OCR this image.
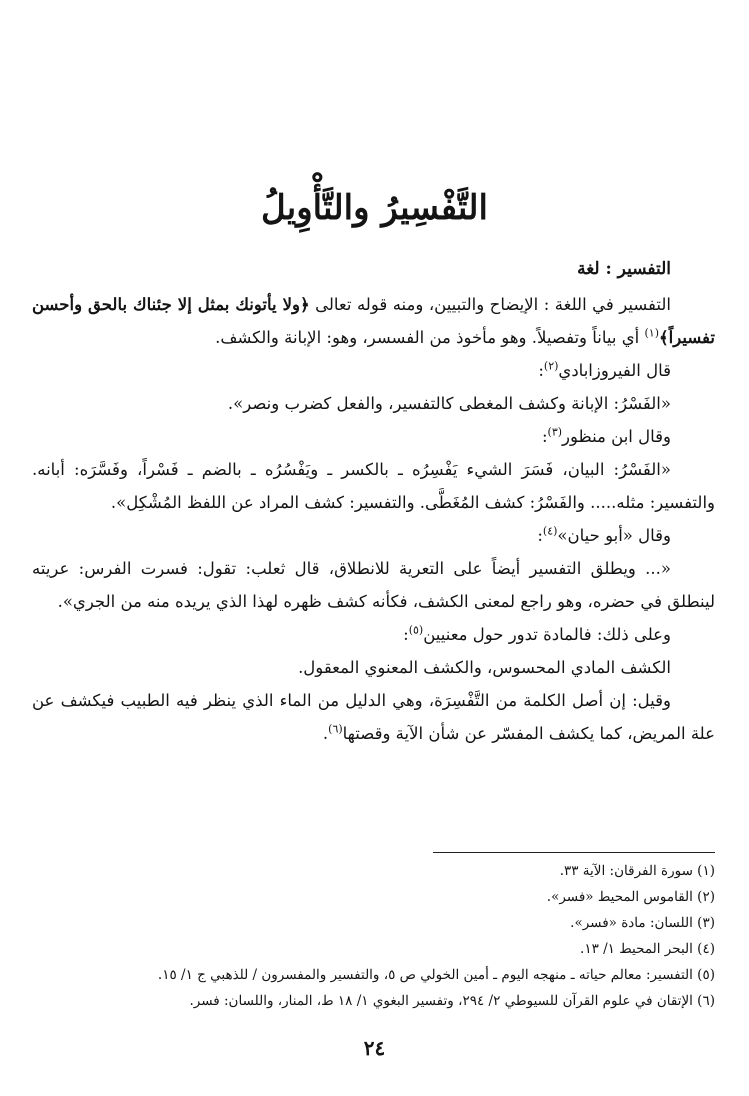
التَّفْسِيرُ والتَّأْوِيلُ
التفسير : لغة

التفسير في اللغة : الإيضاح والتبيين، ومنه قوله تعالى ﴿ولا يأتونك بمثل إلا جئناك بالحق وأحسن تفسيراً﴾$^{(١)}$ أي بياناً وتفصيلاً. وهو مأخوذ من الفسسر، وهو: الإبانة والكشف.

قال الفيروزابادي$^{(٢)}$:

«الفَسْرُ: الإبانة وكشف المغطى كالتفسير، والفعل كضرب ونصر».

وقال ابن منظور$^{(٣)}$:

«الفَسْرُ: البيان، فَسَرَ الشيء يَفْسِرُه ـ بالكسر ـ ويَفْسُرُه ـ بالضم ـ فَسْراً، وفَسَّرَه: أبانه. والتفسير: مثله..... والفَسْرُ: كشف المُغَطَّى. والتفسير: كشف المراد عن اللفظ المُشْكِل».

وقال «أبو حيان»$^{(٤)}$:

«... ويطلق التفسير أيضاً على التعرية للانطلاق، قال ثعلب: تقول: فسرت الفرس: عريته لينطلق في حضره، وهو راجع لمعنى الكشف، فكأنه كشف ظهره لهذا الذي يريده منه من الجري».

وعلى ذلك: فالمادة تدور حول معنيين$^{(٥)}$:

الكشف المادي المحسوس، والكشف المعنوي المعقول.

وقيل: إن أصل الكلمة من التَّفْسِرَة، وهي الدليل من الماء الذي ينظر فيه الطبيب فيكشف عن علة المريض، كما يكشف المفسّر عن شأن الآية وقصتها$^{(٦)}$.

(١) سورة الفرقان: الآية ٣٣.

(٢) القاموس المحيط «فسر».

(٣) اللسان: مادة «فسر».

(٤) البحر المحيط ١/ ١٣.

(٥) التفسير: معالم حياته ـ منهجه اليوم ـ أمين الخولي ص ٥، والتفسير والمفسرون / للذهبي ج ١/ ١٥.

(٦) الإتقان في علوم القرآن للسيوطي ٢/ ٢٩٤، وتفسير البغوي ١/ ١٨ ط، المنار، واللسان: فسر.

٢٤
